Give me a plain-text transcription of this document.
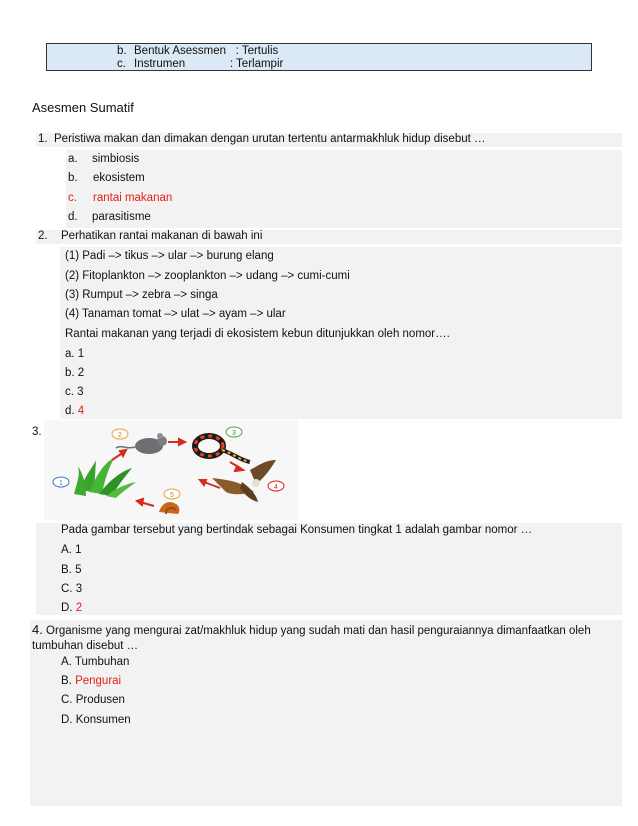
b. Bentuk Asessmen   : Tertulis
c. Instrumen              : Terlampir
Asesmen Sumatif
1. Peristiwa makan dan dimakan dengan urutan tertentu antarmakhluk hidup disebut …
a. simbiosis
b. ekosistem
c. rantai makanan
d. parasitisme
2. Perhatikan rantai makanan di bawah ini
(1) Padi –> tikus –> ular –> burung elang
(2) Fitoplankton –> zooplankton –> udang –> cumi-cumi
(3) Rumput –> zebra –> singa
(4) Tanaman tomat –> ulat –> ayam –> ular
Rantai makanan yang terjadi di ekosistem kebun ditunjukkan oleh nomor….
a. 1
b. 2
c. 3
d. 4
3.
1
2	3
4
5
Pada gambar tersebut yang bertindak sebagai Konsumen tingkat 1 adalah gambar nomor …
A. 1
B. 5
C. 3
D. 2
4. Organisme yang mengurai zat/makhluk hidup yang sudah mati dan hasil penguraiannya dimanfaatkan oleh
tumbuhan disebut …
A. Tumbuhan
B. Pengurai
C. Produsen
D. Konsumen
